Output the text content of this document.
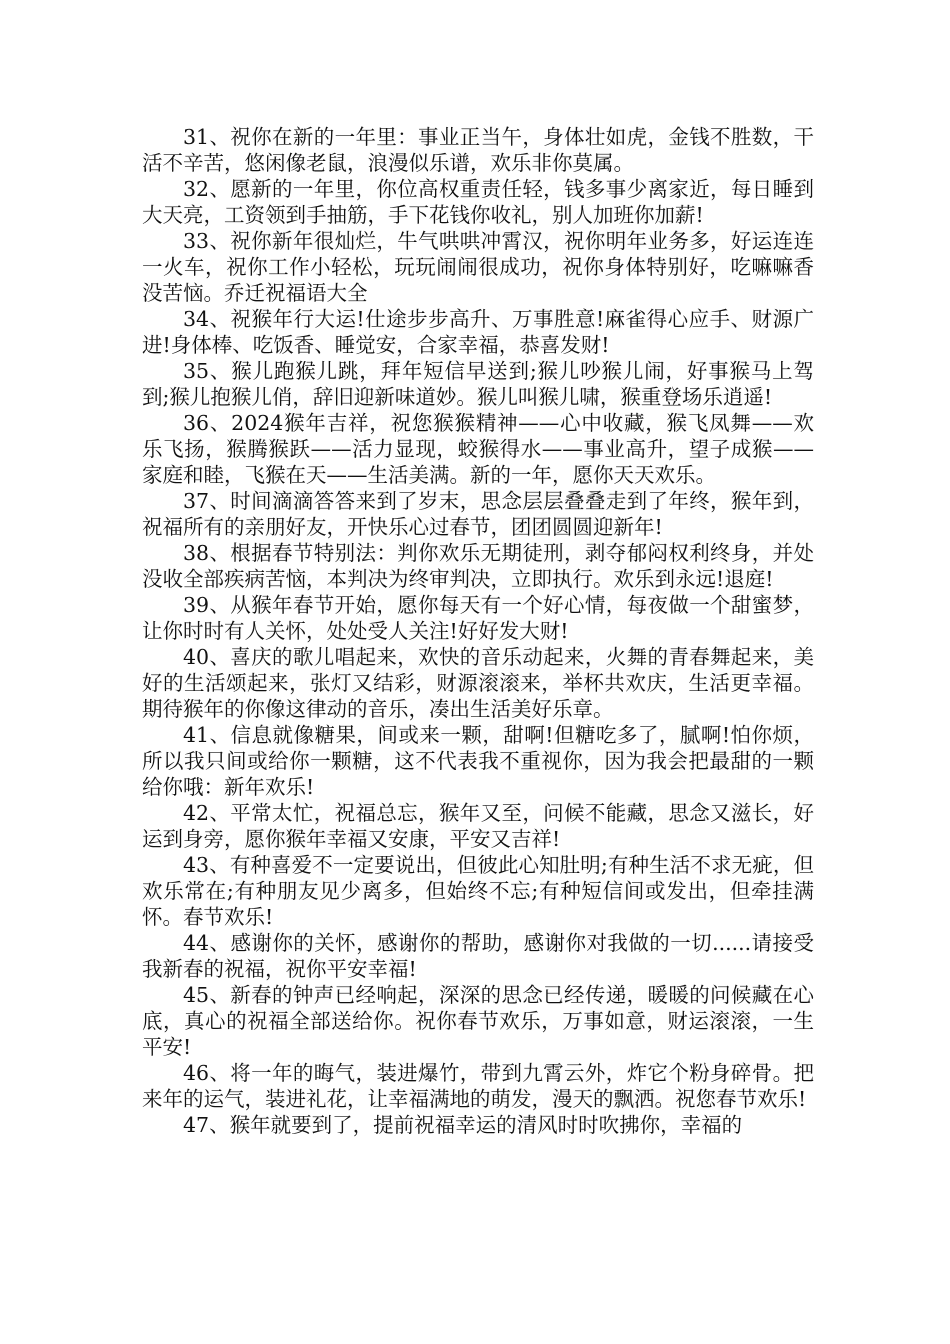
31、祝你在新的一年里：事业正当午，身体壮如虎，金钱不胜数，干活不辛苦，悠闲像老鼠，浪漫似乐谱，欢乐非你莫属。

32、愿新的一年里，你位高权重责任轻，钱多事少离家近，每日睡到大天亮，工资领到手抽筋，手下花钱你收礼，别人加班你加薪!

33、祝你新年很灿烂，牛气哄哄冲霄汉，祝你明年业务多，好运连连一火车，祝你工作小轻松，玩玩闹闹很成功，祝你身体特别好，吃嘛嘛香没苦恼。乔迁祝福语大全

34、祝猴年行大运!仕途步步高升、万事胜意!麻雀得心应手、财源广进!身体棒、吃饭香、睡觉安，合家幸福，恭喜发财!

35、猴儿跑猴儿跳，拜年短信早送到;猴儿吵猴儿闹，好事猴马上驾到;猴儿抱猴儿俏，辞旧迎新味道妙。猴儿叫猴儿啸，猴重登场乐逍遥!

36、2024猴年吉祥，祝您猴猴精神——心中收藏，猴飞凤舞——欢乐飞扬，猴腾猴跃——活力显现，蛟猴得水——事业高升，望子成猴——家庭和睦，飞猴在天——生活美满。新的一年，愿你天天欢乐。

37、时间滴滴答答来到了岁末，思念层层叠叠走到了年终，猴年到，祝福所有的亲朋好友，开快乐心过春节，团团圆圆迎新年!

38、根据春节特别法：判你欢乐无期徒刑，剥夺郁闷权利终身，并处没收全部疾病苦恼，本判决为终审判决，立即执行。欢乐到永远!退庭!

39、从猴年春节开始，愿你每天有一个好心情，每夜做一个甜蜜梦，让你时时有人关怀，处处受人关注!好好发大财!

40、喜庆的歌儿唱起来，欢快的音乐动起来，火舞的青春舞起来，美好的生活颂起来，张灯又结彩，财源滚滚来，举杯共欢庆，生活更幸福。期待猴年的你像这律动的音乐，凑出生活美好乐章。

41、信息就像糖果，间或来一颗，甜啊!但糖吃多了，腻啊!怕你烦，所以我只间或给你一颗糖，这不代表我不重视你，因为我会把最甜的一颗给你哦：新年欢乐!

42、平常太忙，祝福总忘，猴年又至，问候不能藏，思念又滋长，好运到身旁，愿你猴年幸福又安康，平安又吉祥!

43、有种喜爱不一定要说出，但彼此心知肚明;有种生活不求无疵，但欢乐常在;有种朋友见少离多，但始终不忘;有种短信间或发出，但牵挂满怀。春节欢乐!

44、感谢你的关怀，感谢你的帮助，感谢你对我做的一切......请接受我新春的祝福，祝你平安幸福!

45、新春的钟声已经响起，深深的思念已经传递，暖暖的问候藏在心底，真心的祝福全部送给你。祝你春节欢乐，万事如意，财运滚滚，一生平安!

46、将一年的晦气，装进爆竹，带到九霄云外，炸它个粉身碎骨。把来年的运气，装进礼花，让幸福满地的萌发，漫天的飘洒。祝您春节欢乐!

47、猴年就要到了，提前祝福幸运的清风时时吹拂你，幸福的
